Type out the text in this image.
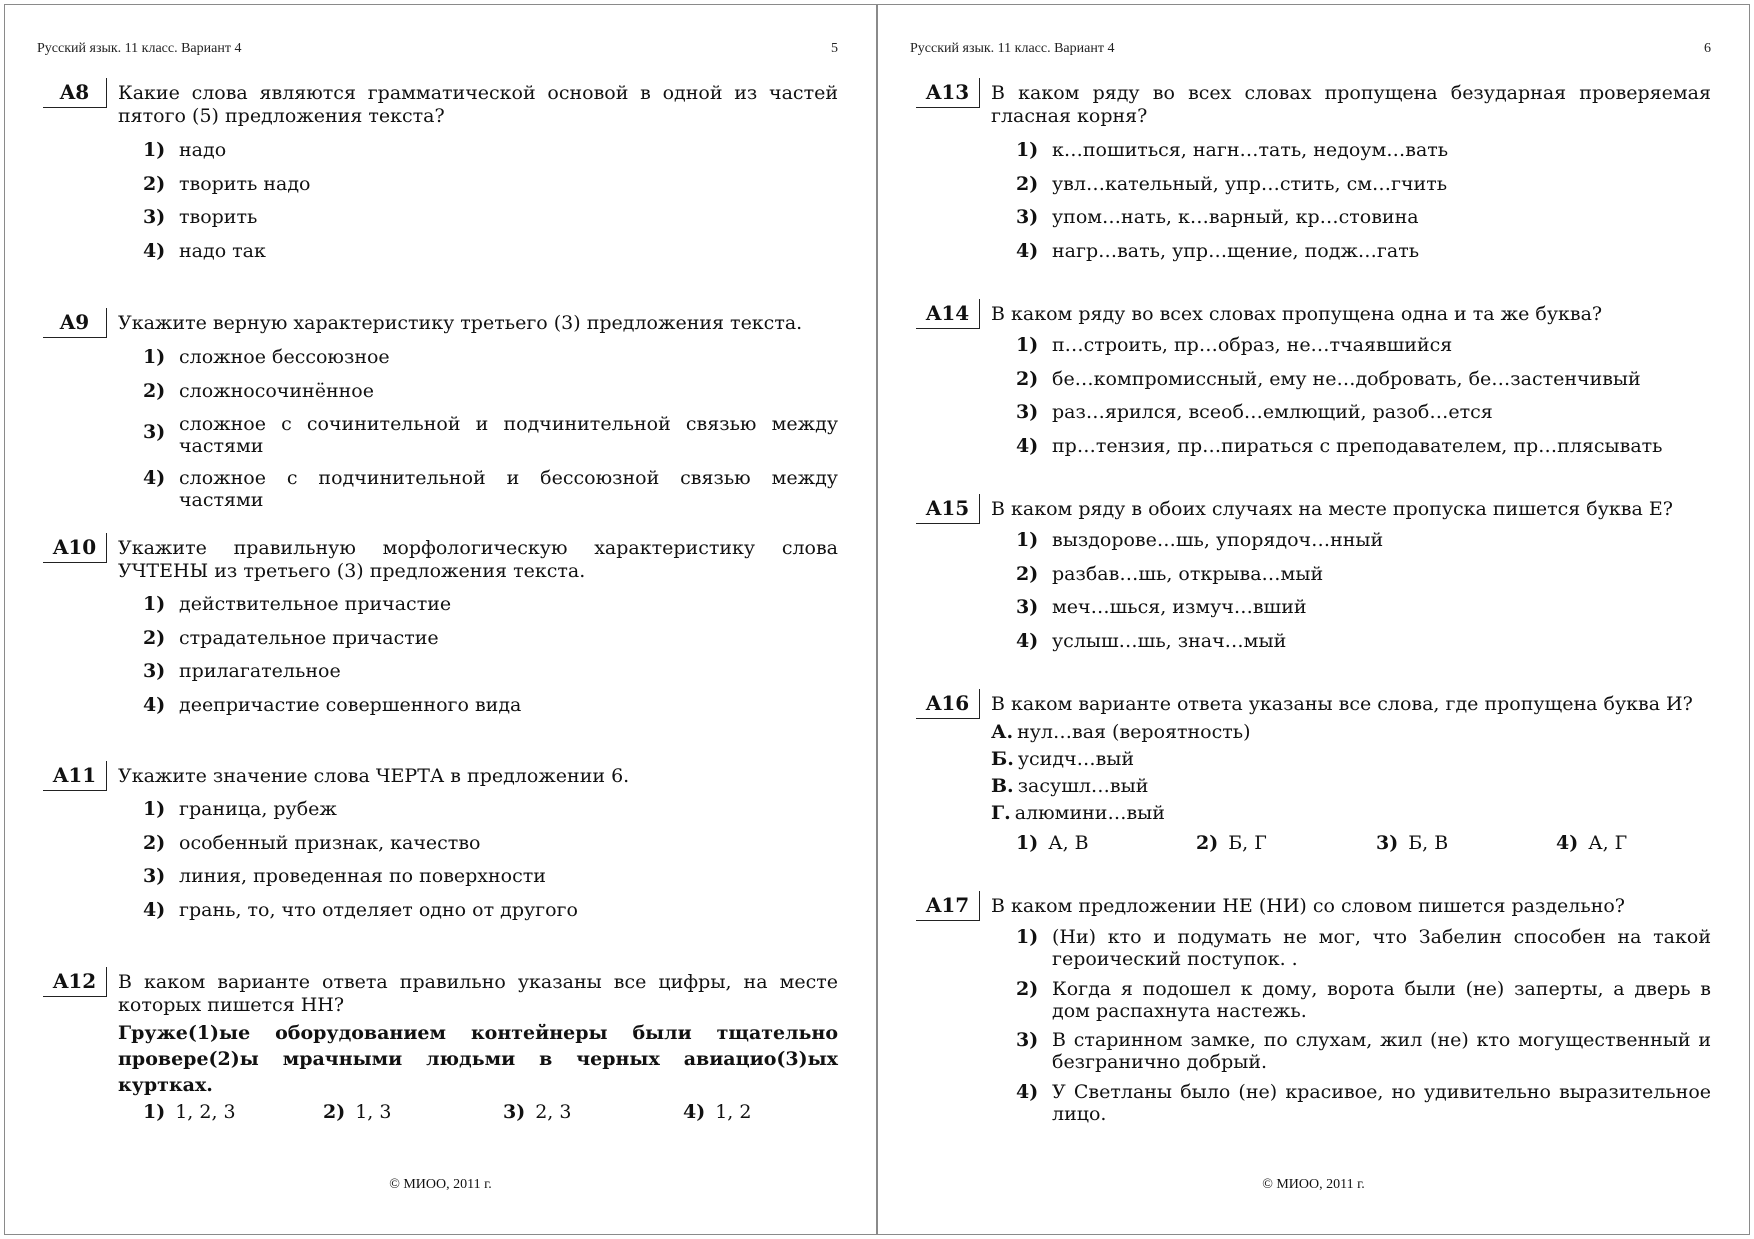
Русский язык. 11 класс. Вариант 4	5
A8	Какие слова являются грамматической основой в одной из частей пятого (5) предложения текста?
1) надо
2) творить надо
3) творить
4) надо так
A9	Укажите верную характеристику третьего (3) предложения текста.
1) сложное бессоюзное
2) сложносочинённое
3) сложное с сочинительной и подчинительной связью между частями
4) сложное с подчинительной и бессоюзной связью между частями
A10	Укажите правильную морфологическую характеристику слова УЧТЕНЫ из третьего (3) предложения текста.
1) действительное причастие
2) страдательное причастие
3) прилагательное
4) деепричастие совершенного вида
A11	Укажите значение слова ЧЕРТА в предложении 6.
1) граница, рубеж
2) особенный признак, качество
3) линия, проведенная по поверхности
4) грань, то, что отделяет одно от другого
A12	В каком варианте ответа правильно указаны все цифры, на месте которых пишется НН?
Груже(1)ые оборудованием контейнеры были тщательно
провере(2)ы мрачными людьми в черных авиацио(3)ых
куртках.
1) 1, 2, 3	2) 1, 3	3) 2, 3	4) 1, 2
© МИОО, 2011 г.
Русский язык. 11 класс. Вариант 4	6
A13	В каком ряду во всех словах пропущена безударная проверяемая гласная корня?
1) к…пошиться, нагн…тать, недоум…вать
2) увл…кательный, упр…стить, см…гчить
3) упом…нать, к…варный, кр…стовина
4) нагр…вать, упр…щение, подж…гать
A14	В каком ряду во всех словах пропущена одна и та же буква?
1) п…строить, пр…образ, не…тчаявшийся
2) бе…компромиссный, ему не…добровать, бе…застенчивый
3) раз…ярился, всеоб…емлющий, разоб…ется
4) пр…тензия, пр…пираться с преподавателем, пр…плясывать
A15	В каком ряду в обоих случаях на месте пропуска пишется буква Е?
1) выздорове…шь, упорядоч…нный
2) разбав…шь, открыва…мый
3) меч…шься, измуч…вший
4) услыш…шь, знач…мый
A16	В каком варианте ответа указаны все слова, где пропущена буква И?
А. нул…вая (вероятность)
Б. усидч…вый
В. засушл…вый
Г. алюмини…вый
1) А, В	2) Б, Г	3) Б, В	4) А, Г
A17	В каком предложении НЕ (НИ) со словом пишется раздельно?
1) (Ни) кто и подумать не мог, что Забелин способен на такой героический поступок. .
2) Когда я подошел к дому, ворота были (не) заперты, а дверь в дом распахнута настежь.
3) В старинном замке, по слухам, жил (не) кто могущественный и безгранично добрый.
4) У Светланы было (не) красивое, но удивительно выразительное лицо.
© МИОО, 2011 г.
